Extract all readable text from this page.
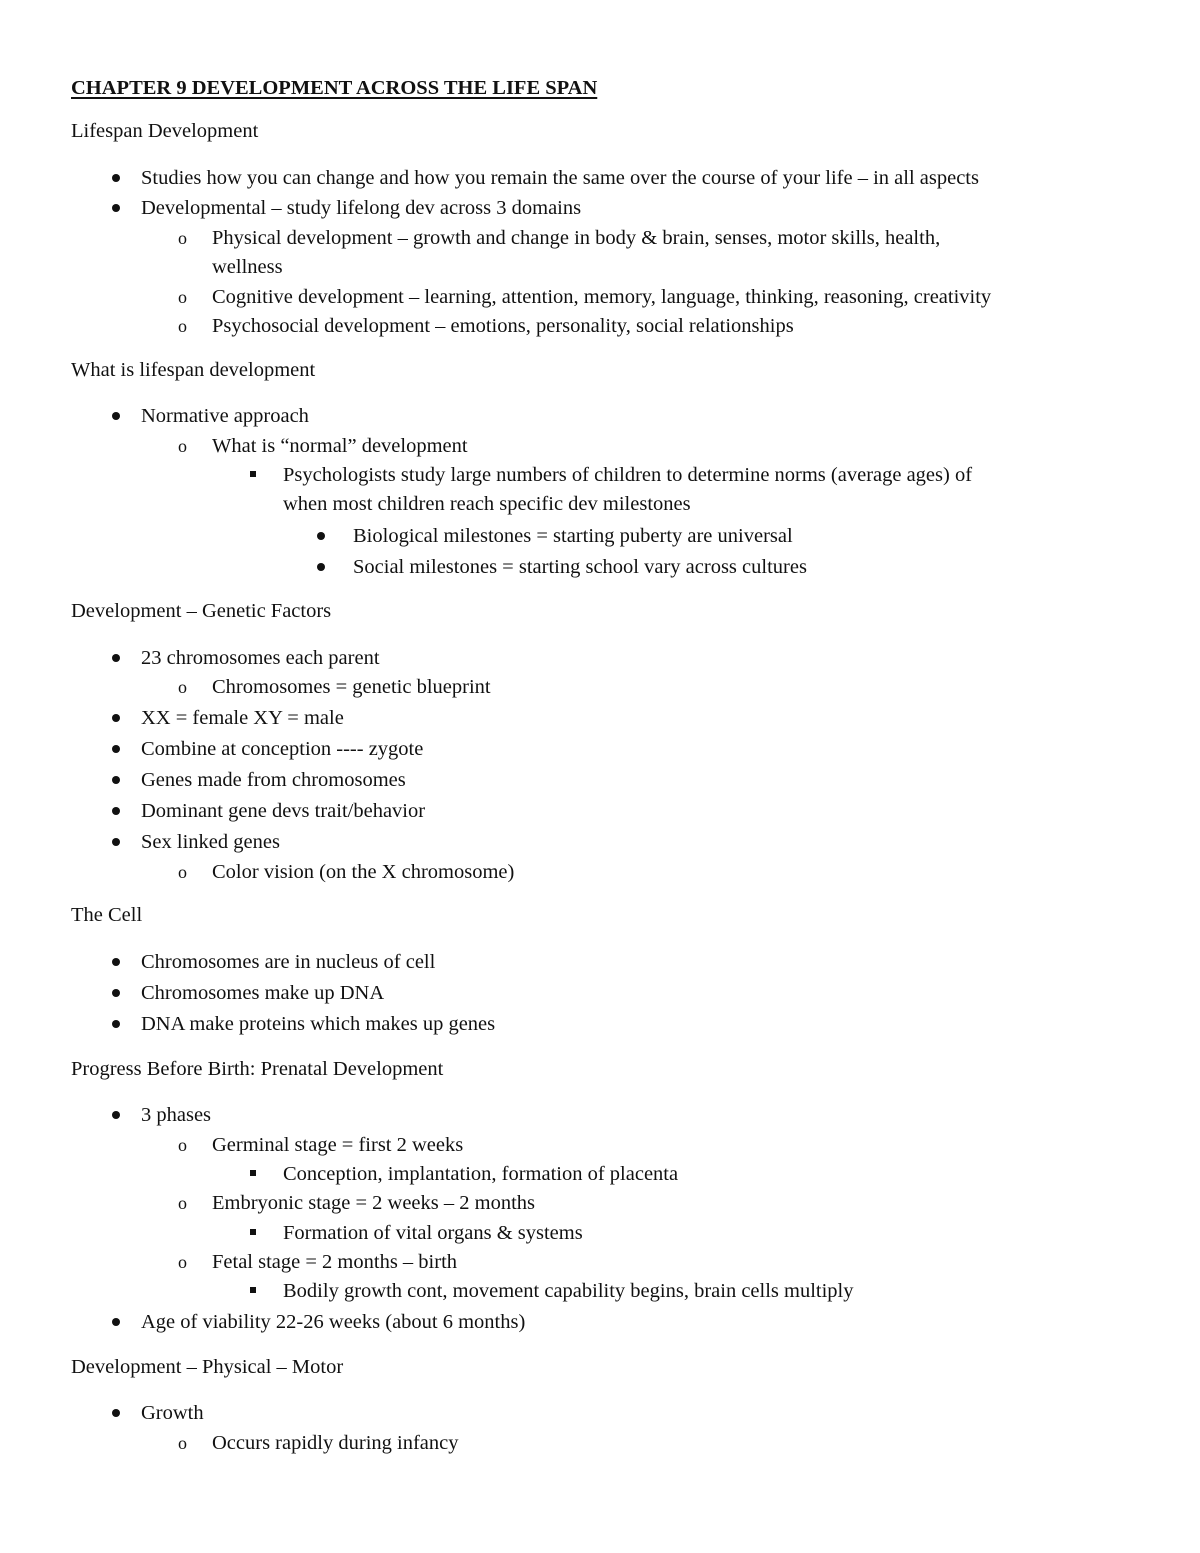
CHAPTER 9 DEVELOPMENT ACROSS THE LIFE SPAN
Lifespan Development
Studies how you can change and how you remain the same over the course of your life – in all aspects
Developmental – study lifelong dev across 3 domains
o Physical development – growth and change in body & brain, senses, motor skills, health,
wellness
o Cognitive development – learning, attention, memory, language, thinking, reasoning, creativity
o Psychosocial development – emotions, personality, social relationships
What is lifespan development
Normative approach
o What is “normal” development
Psychologists study large numbers of children to determine norms (average ages) of
when most children reach specific dev milestones
Biological milestones = starting puberty are universal
Social milestones = starting school vary across cultures
Development – Genetic Factors
23 chromosomes each parent
o Chromosomes = genetic blueprint
XX = female XY = male
Combine at conception ---- zygote
Genes made from chromosomes
Dominant gene devs trait/behavior
Sex linked genes
o Color vision (on the X chromosome)
The Cell
Chromosomes are in nucleus of cell
Chromosomes make up DNA
DNA make proteins which makes up genes
Progress Before Birth: Prenatal Development
3 phases
o Germinal stage = first 2 weeks
Conception, implantation, formation of placenta
o Embryonic stage = 2 weeks – 2 months
Formation of vital organs & systems
o Fetal stage = 2 months – birth
Bodily growth cont, movement capability begins, brain cells multiply
Age of viability 22-26 weeks (about 6 months)
Development – Physical – Motor
Growth
o Occurs rapidly during infancy
